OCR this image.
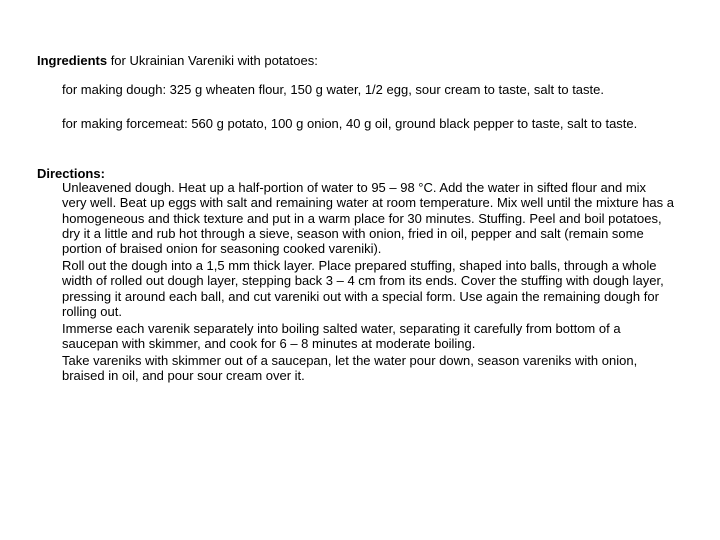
Ingredients for Ukrainian Vareniki with potatoes:
for making dough: 325 g wheaten flour, 150 g water, 1/2 egg, sour cream to taste, salt to taste.
for making forcemeat: 560 g potato, 100 g onion, 40 g oil, ground black pepper to taste, salt to taste.
Directions:

Unleavened dough. Heat up a half-portion of water to 95 – 98 °C. Add the water in sifted flour and mix very well. Beat up eggs with salt and remaining water at room temperature. Mix well until the mixture has a homogeneous and thick texture and put in a warm place for 30 minutes. Stuffing. Peel and boil potatoes, dry it a little and rub hot through a sieve, season with onion, fried in oil, pepper and salt (remain some portion of braised onion for seasoning cooked vareniki).

Roll out the dough into a 1,5 mm thick layer. Place prepared stuffing, shaped into balls, through a whole width of rolled out dough layer, stepping back 3 – 4 cm from its ends. Cover the stuffing with dough layer, pressing it around each ball, and cut vareniki out with a special form. Use again the remaining dough for rolling out.

Immerse each varenik separately into boiling salted water, separating it carefully from bottom of a saucepan with skimmer, and cook for 6 – 8 minutes at moderate boiling.

Take vareniks with skimmer out of a saucepan, let the water pour down, season vareniks with onion, braised in oil, and pour sour cream over it.
